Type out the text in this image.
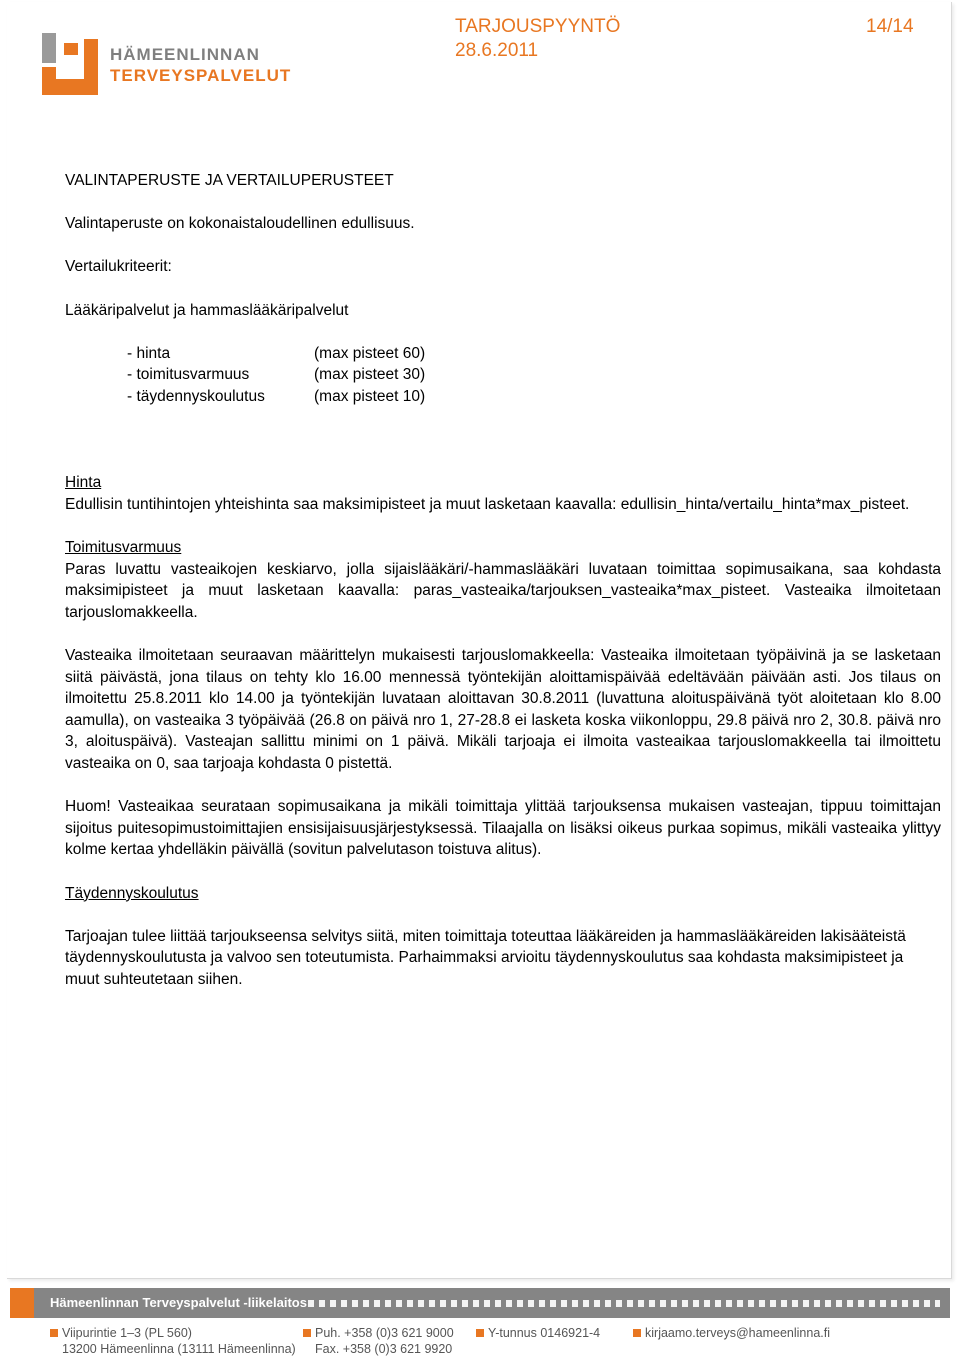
HÄMEENLINNAN
TERVEYSPALVELUT
TARJOUSPYYNTÖ
28.6.2011
14/14

VALINTAPERUSTE JA VERTAILUPERUSTEET

Valintaperuste on kokonaistaloudellinen edullisuus.

Vertailukriteerit:

Lääkäripalvelut ja hammaslääkäripalvelut

- hinta	(max pisteet 60)
- toimitusvarmuus	(max pisteet 30)
- täydennyskoulutus	(max pisteet 10)

Hinta

Edullisin tuntihintojen yhteishinta saa maksimipisteet ja muut lasketaan kaavalla: edullisin_hinta/vertailu_hinta*max_pisteet.

Toimitusvarmuus

Paras luvattu vasteaikojen keskiarvo, jolla sijaislääkäri/-hammaslääkäri luvataan toimittaa sopimusaikana, saa kohdasta maksimipisteet ja muut lasketaan kaavalla: paras_vasteaika/tarjouksen_vasteaika*max_pisteet. Vasteaika ilmoitetaan tarjouslomakkeella.

Vasteaika ilmoitetaan seuraavan määrittelyn mukaisesti tarjouslomakkeella: Vasteaika ilmoitetaan työpäivinä ja se lasketaan siitä päivästä, jona tilaus on tehty klo 16.00 mennessä työntekijän aloittamispäivää edeltävään päivään asti. Jos tilaus on ilmoitettu 25.8.2011 klo 14.00 ja työntekijän luvataan aloittavan 30.8.2011 (luvattuna aloituspäivänä työt aloitetaan klo 8.00 aamulla), on vasteaika 3 työpäivää (26.8 on päivä nro 1, 27-28.8 ei lasketa koska viikonloppu, 29.8 päivä nro 2, 30.8. päivä nro 3, aloituspäivä). Vasteajan sallittu minimi on 1 päivä. Mikäli tarjoaja ei ilmoita vasteaikaa tarjouslomakkeella tai ilmoittetu vasteaika on 0, saa tarjoaja kohdasta 0 pistettä.

Huom! Vasteaikaa seurataan sopimusaikana ja mikäli toimittaja ylittää tarjouksensa mukaisen vasteajan, tippuu toimittajan sijoitus puitesopimustoimittajien ensisijaisuusjärjestyksessä. Tilaajalla on lisäksi oikeus purkaa sopimus, mikäli vasteaika ylittyy kolme kertaa yhdelläkin päivällä (sovitun palvelutason toistuva alitus).

Täydennyskoulutus

Tarjoajan tulee liittää tarjoukseensa selvitys siitä, miten toimittaja toteuttaa lääkäreiden ja hammaslääkäreiden lakisääteistä täydennyskoulutusta ja valvoo sen toteutumista. Parhaimmaksi arvioitu täydennyskoulutus saa kohdasta maksimipisteet ja muut suhteutetaan siihen.

Hämeenlinnan Terveyspalvelut -liikelaitos
Viipurintie 1–3 (PL 560)
13200 Hämeenlinna (13111 Hämeenlinna)
Puh. +358 (0)3 621 9000
Fax. +358 (0)3 621 9920
Y-tunnus 0146921-4	kirjaamo.terveys@hameenlinna.fi
